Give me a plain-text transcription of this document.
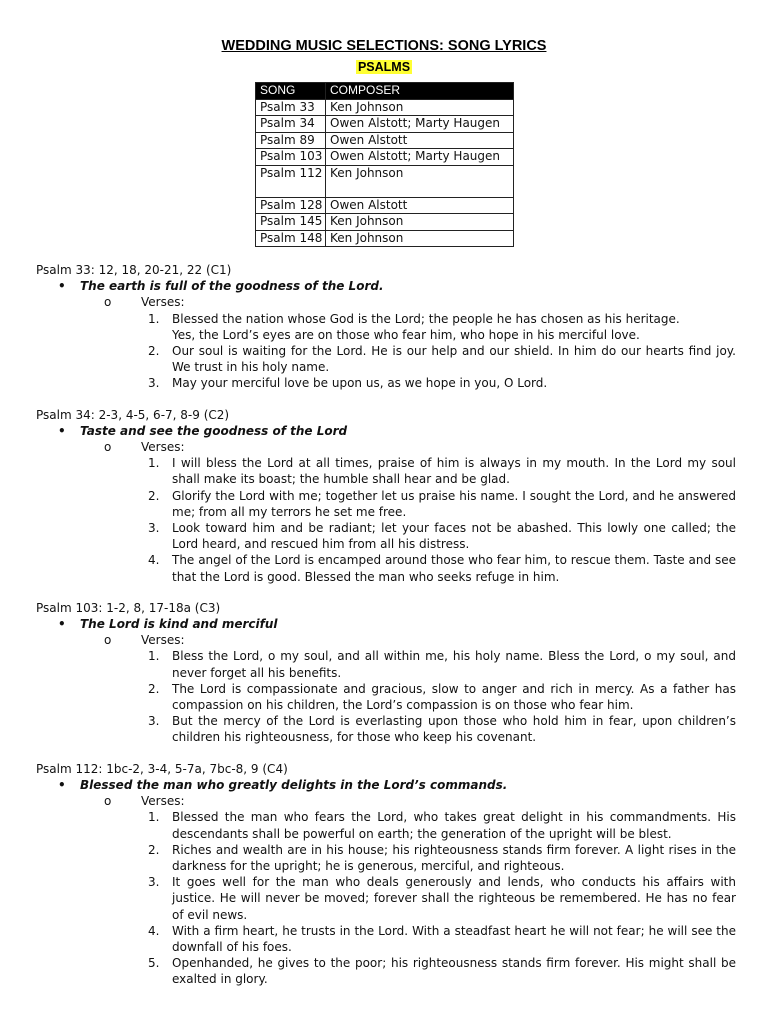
WEDDING MUSIC SELECTIONS: SONG LYRICS
PSALMS
SONG	COMPOSER
Psalm 33	Ken Johnson
Psalm 34	Owen Alstott; Marty Haugen
Psalm 89	Owen Alstott
Psalm 103	Owen Alstott; Marty Haugen
Psalm 112	Ken Johnson
Psalm 128	Owen Alstott
Psalm 145	Ken Johnson
Psalm 148	Ken Johnson

Psalm 33: 12, 18, 20-21, 22 (C1)

• The earth is full of the goodness of the Lord.

o Verses:

1. Blessed the nation whose God is the Lord; the people he has chosen as his heritage.
Yes, the Lord’s eyes are on those who fear him, who hope in his merciful love.

2. Our soul is waiting for the Lord. He is our help and our shield. In him do our hearts find joy. We trust in his holy name.

3. May your merciful love be upon us, as we hope in you, O Lord.

Psalm 34: 2-3, 4-5, 6-7, 8-9 (C2)

• Taste and see the goodness of the Lord

o Verses:

1. I will bless the Lord at all times, praise of him is always in my mouth. In the Lord my soul shall make its boast; the humble shall hear and be glad.

2. Glorify the Lord with me; together let us praise his name. I sought the Lord, and he answered me; from all my terrors he set me free.

3. Look toward him and be radiant; let your faces not be abashed. This lowly one called; the Lord heard, and rescued him from all his distress.

4. The angel of the Lord is encamped around those who fear him, to rescue them. Taste and see that the Lord is good. Blessed the man who seeks refuge in him.

Psalm 103: 1-2, 8, 17-18a (C3)

• The Lord is kind and merciful

o Verses:

1. Bless the Lord, o my soul, and all within me, his holy name. Bless the Lord, o my soul, and never forget all his benefits.

2. The Lord is compassionate and gracious, slow to anger and rich in mercy. As a father has compassion on his children, the Lord’s compassion is on those who fear him.

3. But the mercy of the Lord is everlasting upon those who hold him in fear, upon children’s children his righteousness, for those who keep his covenant.

Psalm 112: 1bc-2, 3-4, 5-7a, 7bc-8, 9 (C4)

• Blessed the man who greatly delights in the Lord’s commands.

o Verses:

1. Blessed the man who fears the Lord, who takes great delight in his commandments. His descendants shall be powerful on earth; the generation of the upright will be blest.

2. Riches and wealth are in his house; his righteousness stands firm forever. A light rises in the darkness for the upright; he is generous, merciful, and righteous.

3. It goes well for the man who deals generously and lends, who conducts his affairs with justice. He will never be moved; forever shall the righteous be remembered. He has no fear of evil news.

4. With a firm heart, he trusts in the Lord. With a steadfast heart he will not fear; he will see the downfall of his foes.

5. Openhanded, he gives to the poor; his righteousness stands firm forever. His might shall be exalted in glory.
